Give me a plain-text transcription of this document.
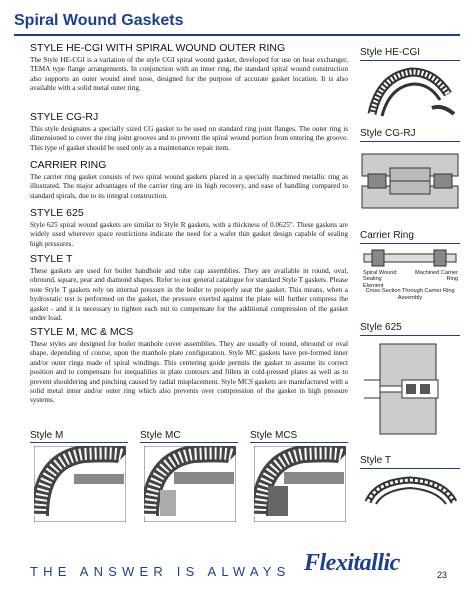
Spiral Wound Gaskets

STYLE HE-CGI WITH SPIRAL WOUND OUTER RING

The Style HE-CGI is a variation of the style CGI spiral wound gasket, developed for use on heat exchanger, TEMA type flange arrangements. In conjunction with an inner ring, the standard spiral wound construction also supports an outer wound steel nose, designed for the purpose of accurate gasket location. It is also available with a solid metal outer ring.

STYLE CG-RJ

This style designates a specially sized CG gasket to be used on standard ring joint flanges. The outer ring is dimensioned to cover the ring joint grooves and to prevent the spiral wound portion from entering the groove. This type of gasket should be used only as a maintenance repair item.

CARRIER RING

The carrier ring gasket consists of two spiral wound gaskets placed in a specially machined metallic ring as illustrated. The major advantages of the carrier ring are its high recovery, and ease of handling compared to standard spirals, due to its integral construction.

STYLE 625

Style 625 spiral wound gaskets are similar to Style R gaskets, with a thickness of 0.0625". These gaskets are widely used wherever space restrictions indicate the need for a wafer thin gasket design capable of sealing high pressures.

STYLE T

These gaskets are used for boiler handhole and tube cap assemblies. They are available in round, oval, obround, square, pear and diamond shapes. Refer to our general catalogue for standard Style T gaskets. Please note Style T gaskets rely on internal pressure in the boiler to properly seat the gasket. This means, when a hydrostatic test is performed on the gasket, the pressure exerted against the plate will further compress the gasket - and it is necessary to tighten each nut to compensate for the additional compression of the gasket under load.

STYLE M, MC & MCS

These styles are designed for boiler manhole cover assemblies. They are usually of round, obround or oval shape, depending of course, upon the manhole plate configuration. Style MC gaskets have pre-formed inner and/or outer rings made of spiral windings. This centering guide permits the gasket to assume its correct position and to compensate for inequalities in plate contours and fillets in cold-pressed plates as well as to prevent shouldering and pinching caused by radial misplacement. Style MCS gaskets are manufactured with a solid metal inner and/or outer ring which also prevents over compression of the gasket in high pressure systems.

Style HE-CGI
Style CG-RJ
Carrier Ring
Spiral Wound Sealing Element
Machined Carrier Ring
Cross-Section Through Carrier Ring Assembly
Style 625
Style T
Style M	Style MC	Style MCS
THE ANSWER IS ALWAYS Flexitallic	23
